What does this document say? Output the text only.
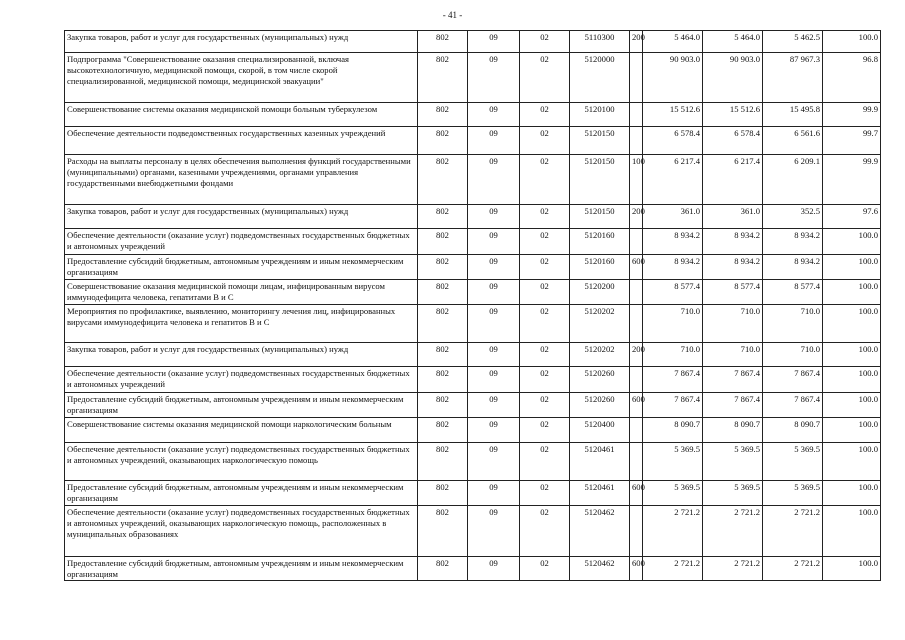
- 41 -
Закупка товаров, работ и услуг для государственных (муниципальных) нужд	802	09	02	5110300	200	5 464.0	5 464.0	5 462.5	100.0
Подпрограмма "Совершенствование оказания специализированной, включая высокотехнологичную, медицинской помощи, скорой, в том числе скорой специализированной, медицинской помощи, медицинской эвакуации"	802	09	02	5120000		90 903.0	90 903.0	87 967.3	96.8
Совершенствование системы оказания медицинской помощи больным туберкулезом	802	09	02	5120100		15 512.6	15 512.6	15 495.8	99.9
Обеспечение деятельности подведомственных государственных казенных учреждений	802	09	02	5120150		6 578.4	6 578.4	6 561.6	99.7
Расходы на выплаты персоналу в целях обеспечения выполнения функций государственными (муниципальными) органами, казенными учреждениями, органами управления государственными внебюджетными фондами	802	09	02	5120150	100	6 217.4	6 217.4	6 209.1	99.9
Закупка товаров, работ и услуг для государственных (муниципальных) нужд	802	09	02	5120150	200	361.0	361.0	352.5	97.6
Обеспечение деятельности (оказание услуг) подведомственных государственных бюджетных и автономных учреждений	802	09	02	5120160		8 934.2	8 934.2	8 934.2	100.0
Предоставление субсидий бюджетным, автономным учреждениям и иным некоммерческим организациям	802	09	02	5120160	600	8 934.2	8 934.2	8 934.2	100.0
Совершенствование оказания медицинской помощи лицам, инфицированным вирусом иммунодефицита человека, гепатитами В и С	802	09	02	5120200		8 577.4	8 577.4	8 577.4	100.0
Мероприятия по профилактике, выявлению, мониторингу лечения лиц, инфицированных вирусами иммунодефицита человека и гепатитов В и С	802	09	02	5120202		710.0	710.0	710.0	100.0
Закупка товаров, работ и услуг для государственных (муниципальных) нужд	802	09	02	5120202	200	710.0	710.0	710.0	100.0
Обеспечение деятельности (оказание услуг) подведомственных государственных бюджетных и автономных учреждений	802	09	02	5120260		7 867.4	7 867.4	7 867.4	100.0
Предоставление субсидий бюджетным, автономным учреждениям и иным некоммерческим организациям	802	09	02	5120260	600	7 867.4	7 867.4	7 867.4	100.0
Совершенствование системы оказания медицинской помощи наркологическим больным	802	09	02	5120400		8 090.7	8 090.7	8 090.7	100.0
Обеспечение деятельности (оказание услуг) подведомственных государственных бюджетных и автономных учреждений, оказывающих наркологическую помощь	802	09	02	5120461		5 369.5	5 369.5	5 369.5	100.0
Предоставление субсидий бюджетным, автономным учреждениям и иным некоммерческим организациям	802	09	02	5120461	600	5 369.5	5 369.5	5 369.5	100.0
Обеспечение деятельности (оказание услуг) подведомственных государственных бюджетных и автономных учреждений, оказывающих наркологическую помощь, расположенных в муниципальных образованиях	802	09	02	5120462		2 721.2	2 721.2	2 721.2	100.0
Предоставление субсидий бюджетным, автономным учреждениям и иным некоммерческим организациям	802	09	02	5120462	600	2 721.2	2 721.2	2 721.2	100.0
